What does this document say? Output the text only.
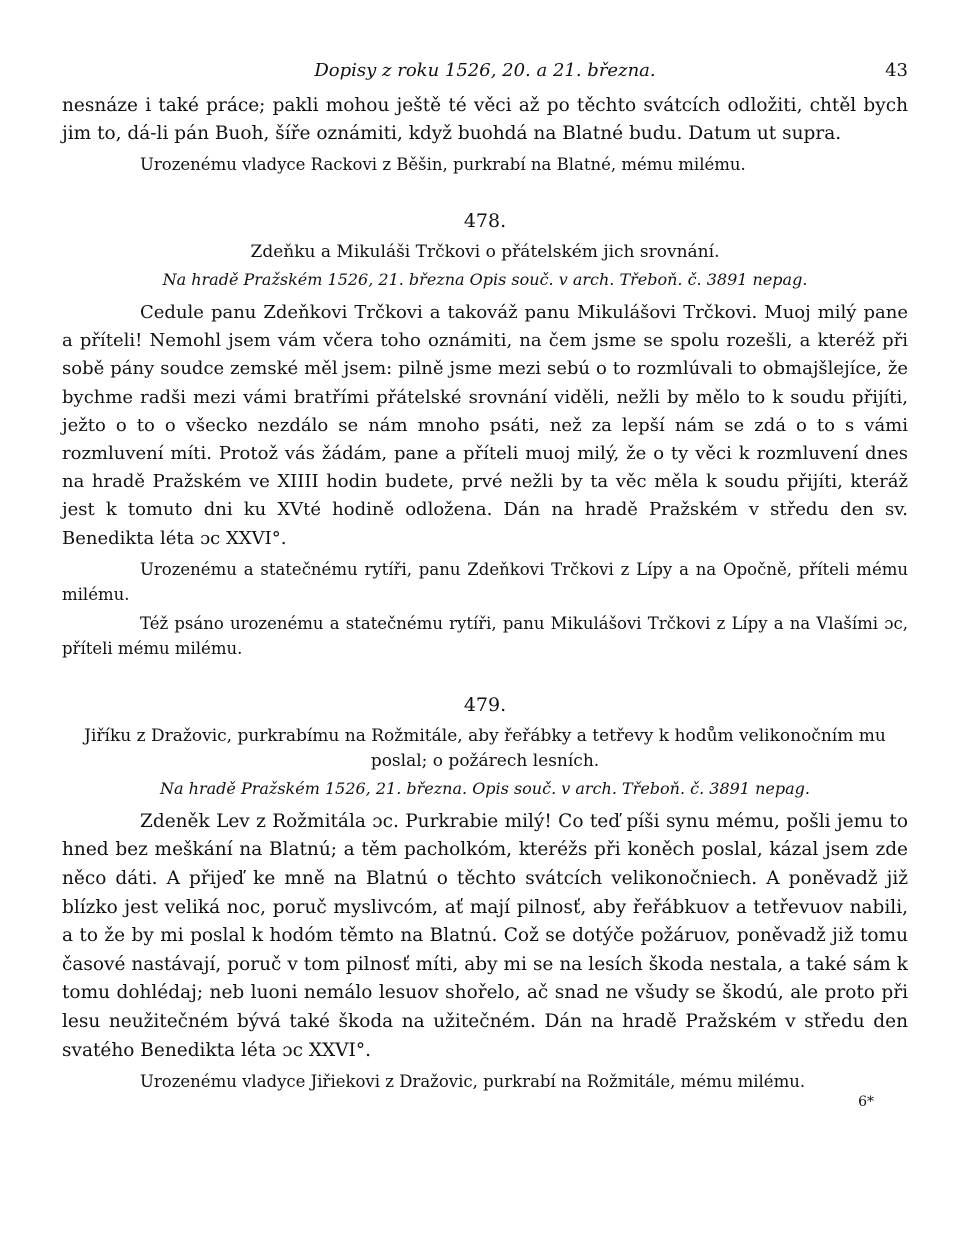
Dopisy z roku 1526, 20. a 21. března.	43

nesnáze i také práce; pakli mohou ještě té věci až po těchto svátcích odložiti, chtěl bych jim to, dá-li pán Buoh, šíře oznámiti, když buohdá na Blatné budu. Datum ut supra.

Urozenému vladyce Rackovi z Běšin, purkrabí na Blatné, mému milému.

478.
Zdeňku a Mikuláši Trčkovi o přátelském jich srovnání.
Na hradě Pražském 1526, 21. března Opis souč. v arch. Třeboň. č. 3891 nepag.

Cedule panu Zdeňkovi Trčkovi a takováž panu Mikulášovi Trčkovi. Muoj milý pane a příteli! Nemohl jsem vám včera toho oznámiti, na čem jsme se spolu rozešli, a kteréž při sobě pány soudce zemské měl jsem: pilně jsme mezi sebú o to rozmlúvali to obmajšlejíce, že bychme radši mezi vámi bratřími přátelské srovnání viděli, nežli by mělo to k soudu přijíti, ježto o to o všecko nezdálo se nám mnoho psáti, než za lepší nám se zdá o to s vámi rozmluvení míti. Protož vás žádám, pane a příteli muoj milý, že o ty věci k rozmluvení dnes na hradě Pražském ve XIIII hodin budete, prvé nežli by ta věc měla k soudu přijíti, kteráž jest k tomuto dni ku XVté hodině odložena. Dán na hradě Pražském v středu den sv. Benedikta léta ɔc XXVI°.

Urozenému a statečnému rytíři, panu Zdeňkovi Trčkovi z Lípy a na Opočně, příteli mému milému.

Též psáno urozenému a statečnému rytíři, panu Mikulášovi Trčkovi z Lípy a na Vlašími ɔc, příteli mému milému.

479.
Jiříku z Dražovic, purkrabímu na Rožmitále, aby řeřábky a tetřevy k hodům velikonočním mu poslal; o požárech lesních.
Na hradě Pražském 1526, 21. března. Opis souč. v arch. Třeboň. č. 3891 nepag.

Zdeněk Lev z Rožmitála ɔc. Purkrabie milý! Co teď píši synu mému, pošli jemu to hned bez meškání na Blatnú; a těm pacholkóm, kteréžs při koněch poslal, kázal jsem zde něco dáti. A přijeď ke mně na Blatnú o těchto svátcích velikonočniech. A poněvadž již blízko jest veliká noc, poruč myslivcóm, ať mají pilnosť, aby řeřábkuov a tetřevuov nabili, a to že by mi poslal k hodóm těmto na Blatnú. Což se dotýče požáruov, poněvadž již tomu časové nastávají, poruč v tom pilnosť míti, aby mi se na lesích škoda nestala, a také sám k tomu dohlédaj; neb luoni nemálo lesuov shořelo, ač snad ne všudy se škodú, ale proto při lesu neužitečném bývá také škoda na užitečném. Dán na hradě Pražském v středu den svatého Benedikta léta ɔc XXVI°.

Urozenému vladyce Jiřiekovi z Dražovic, purkrabí na Rožmitále, mému milému.

6*
